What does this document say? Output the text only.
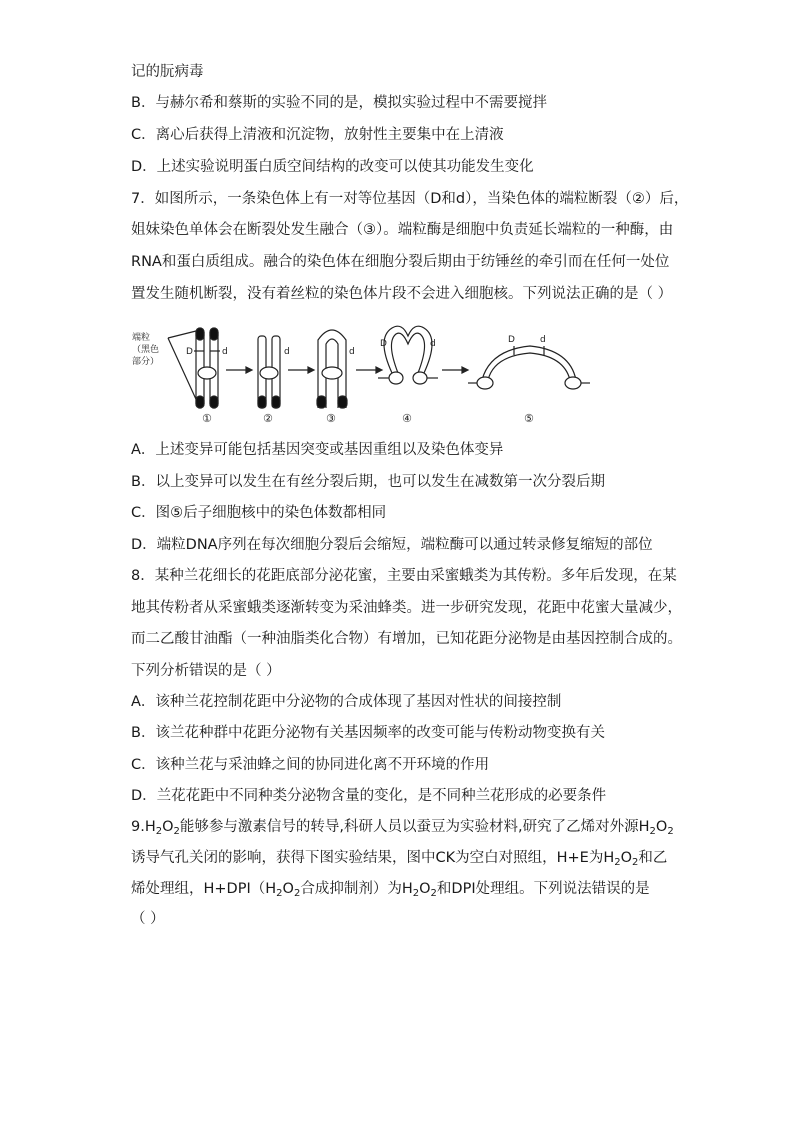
记的朊病毒
B．与赫尔希和蔡斯的实验不同的是，模拟实验过程中不需要搅拌
C．离心后获得上清液和沉淀物，放射性主要集中在上清液
D．上述实验说明蛋白质空间结构的改变可以使其功能发生变化
7．如图所示，一条染色体上有一对等位基因（D和d），当染色体的端粒断裂（②）后，
姐妹染色单体会在断裂处发生融合（③）。端粒酶是细胞中负责延长端粒的一种酶，由
RNA和蛋白质组成。融合的染色体在细胞分裂后期由于纺锤丝的牵引而在任何一处位
置发生随机断裂，没有着丝粒的染色体片段不会进入细胞核。下列说法正确的是（ ）
端粒
（黑色
部分）
D	d	d	d
D	d	D	d
①	②	③	④	⑤
A．上述变异可能包括基因突变或基因重组以及染色体变异
B．以上变异可以发生在有丝分裂后期，也可以发生在减数第一次分裂后期
C．图⑤后子细胞核中的染色体数都相同
D．端粒DNA序列在每次细胞分裂后会缩短，端粒酶可以通过转录修复缩短的部位
8．某种兰花细长的花距底部分泌花蜜，主要由采蜜蛾类为其传粉。多年后发现，在某
地其传粉者从采蜜蛾类逐渐转变为采油蜂类。进一步研究发现，花距中花蜜大量减少，
而二乙酸甘油酯（一种油脂类化合物）有增加，已知花距分泌物是由基因控制合成的。
下列分析错误的是（ ）
A．该种兰花控制花距中分泌物的合成体现了基因对性状的间接控制
B．该兰花种群中花距分泌物有关基因频率的改变可能与传粉动物变换有关
C．该种兰花与采油蜂之间的协同进化离不开环境的作用
D．兰花花距中不同种类分泌物含量的变化，是不同种兰花形成的必要条件
$9.H_2O_2$能够参与激素信号的转导,科研人员以蚕豆为实验材料,研究了乙烯对外源$H_2O_2$
诱导气孔关闭的影响，获得下图实验结果，图中CK为空白对照组，H+E为$H_2O_2$和乙
烯处理组，$H+DPI(H_2O_2$合成抑制剂）为$H_2O_2$和DPI处理组。下列说法错误的是
（ ）
